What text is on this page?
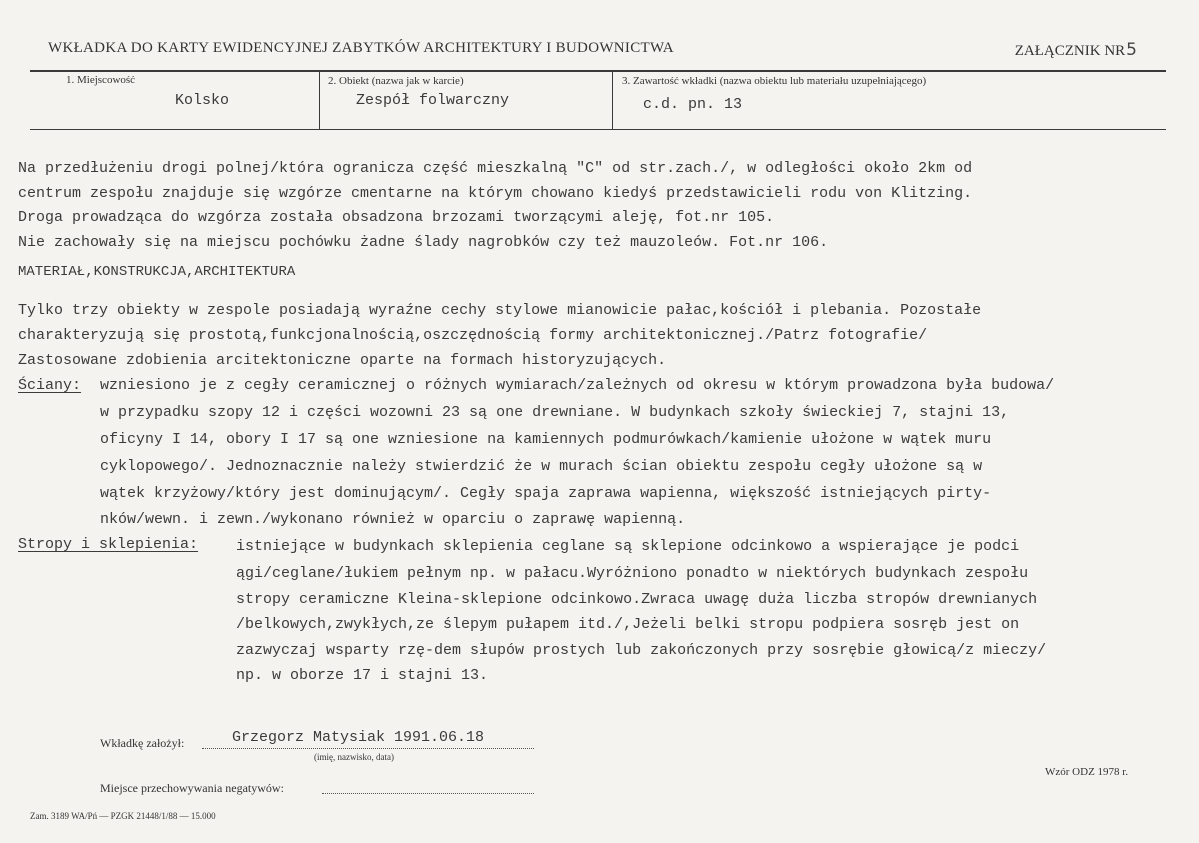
WKŁADKA DO KARTY EWIDENCYJNEJ ZABYTKÓW ARCHITEKTURY I BUDOWNICTWA	ZAŁĄCZNIK NR5
1. Miejscowość
Kolsko
2. Obiekt (nazwa jak w karcie)
Zespół folwarczny
3. Zawartość wkładki (nazwa obiektu lub materiału uzupełniającego)
c.d. pn. 13
Na przedłużeniu drogi polnej/która ogranicza część mieszkalną "C" od str.zach./, w odległości około 2km od
centrum zespołu znajduje się wzgórze cmentarne na którym chowano kiedyś przedstawicieli rodu von Klitzing.
Droga prowadząca do wzgórza została obsadzona brzozami tworzącymi aleję, fot.nr 105.
Nie zachowały się na miejscu pochówku żadne ślady nagrobków czy też mauzoleów. Fot.nr 106.
MATERIAŁ,KONSTRUKCJA,ARCHITEKTURA
Tylko trzy obiekty w zespole posiadają wyraźne cechy stylowe mianowicie pałac,kościół i plebania. Pozostałe
charakteryzują się prostotą,funkcjonalnością,oszczędnością formy architektonicznej./Patrz fotografie/
Zastosowane zdobienia arcitektoniczne oparte na formach historyzujących.
Ściany: wzniesiono je z cegły ceramicznej o różnych wymiarach/zależnych od okresu w którym prowadzona była budowa/
w przypadku szopy 12 i części wozowni 23 są one drewniane. W budynkach szkoły świeckiej 7, stajni 13,
oficyny I 14, obory I 17 są one wzniesione na kamiennych podmurówkach/kamienie ułożone w wątek muru
cyklopowego/. Jednoznacznie należy stwierdzić że w murach ścian obiektu zespołu cegły ułożone są w
wątek krzyżowy/który jest dominującym/. Cegły spaja zaprawa wapienna, większość istniejących pirty-
nków/wewn. i zewn./wykonano również w oparciu o zaprawę wapienną.
Stropy i sklepienia:	istniejące w budynkach sklepienia ceglane są sklepione odcinkowo a wspierające je podci
ągi/ceglane/łukiem pełnym np. w pałacu.Wyróżniono ponadto w niektórych budynkach zespołu
stropy ceramiczne Kleina-sklepione odcinkowo.Zwraca uwagę duża liczba stropów drewnianych
/belkowych,zwykłych,ze ślepym pułapem itd./,Jeżeli belki stropu podpiera sosręb jest on
zazwyczaj wsparty rzę-dem słupów prostych lub zakończonych przy sosrębie głowicą/z mieczy/
np. w oborze 17 i stajni 13.
Wkładkę założył:	Grzegorz Matysiak 1991.06.18
(imię, nazwisko, data)
Wzór ODZ 1978 r.
Miejsce przechowywania negatywów:
Zam. 3189 WA/Pń — PZGK 21448/1/88 — 15.000
